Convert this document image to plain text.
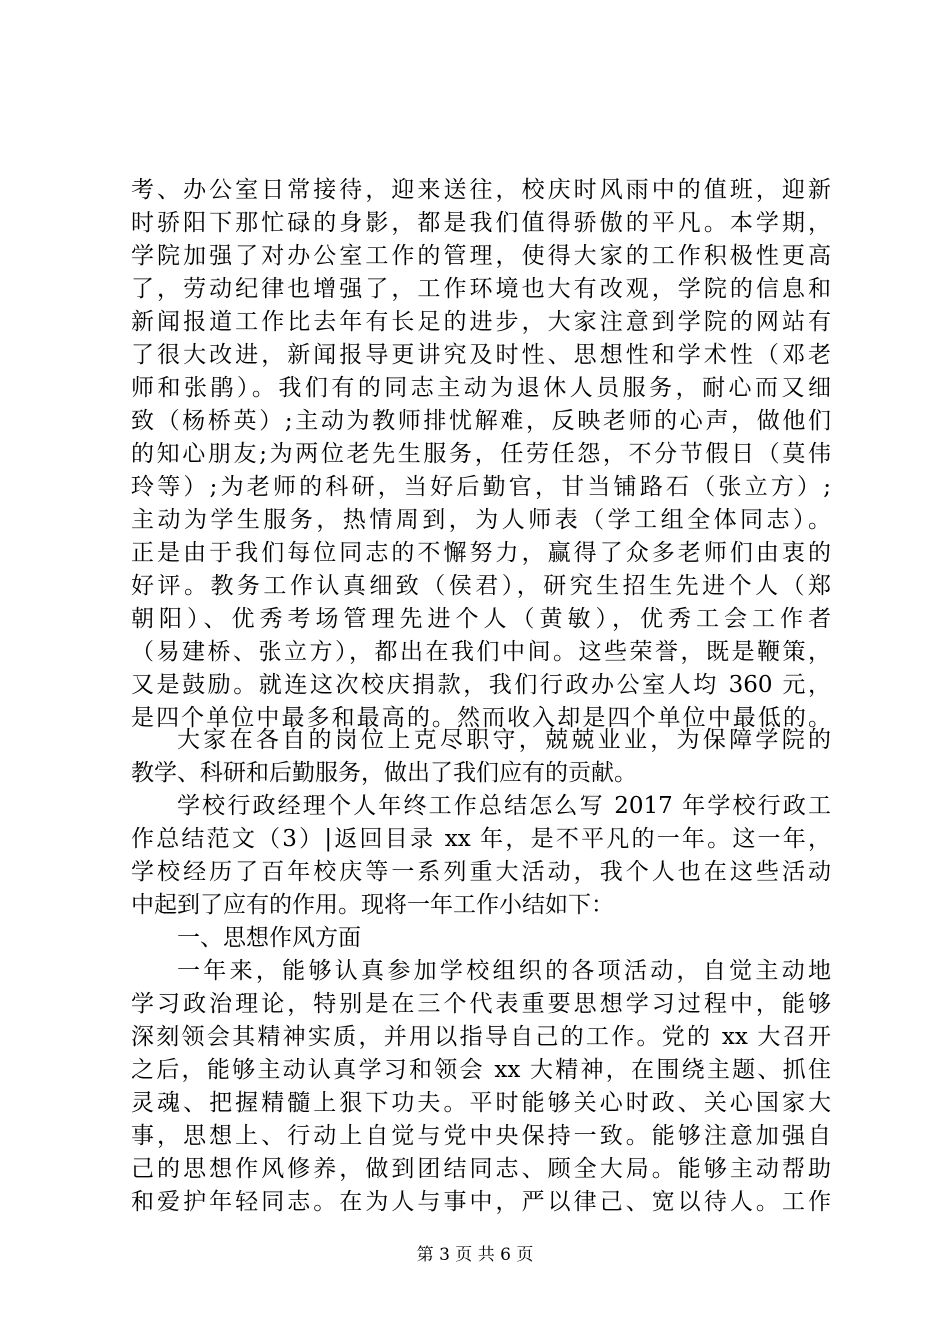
考、办公室日常接待，迎来送往，校庆时风雨中的值班，迎新
时骄阳下那忙碌的身影，都是我们值得骄傲的平凡。本学期，
学院加强了对办公室工作的管理，使得大家的工作积极性更高
了，劳动纪律也增强了，工作环境也大有改观，学院的信息和
新闻报道工作比去年有长足的进步，大家注意到学院的网站有
了很大改进，新闻报导更讲究及时性、思想性和学术性（邓老
师和张鹃）。我们有的同志主动为退休人员服务，耐心而又细
致（杨桥英）;主动为教师排忧解难，反映老师的心声，做他们
的知心朋友;为两位老先生服务，任劳任怨，不分节假日（莫伟
玲等）;为老师的科研，当好后勤官，甘当铺路石（张立方）;
主动为学生服务，热情周到，为人师表（学工组全体同志）。
正是由于我们每位同志的不懈努力，赢得了众多老师们由衷的
好评。教务工作认真细致（侯君），研究生招生先进个人（郑
朝阳）、优秀考场管理先进个人（黄敏），优秀工会工作者
（易建桥、张立方），都出在我们中间。这些荣誉，既是鞭策，
又是鼓励。就连这次校庆捐款，我们行政办公室人均 360 元，
是四个单位中最多和最高的。然而收入却是四个单位中最低的。
大家在各自的岗位上克尽职守，兢兢业业，为保障学院的
教学、科研和后勤服务，做出了我们应有的贡献。
学校行政经理个人年终工作总结怎么写 2017 年学校行政工
作总结范文（3）|返回目录 xx 年，是不平凡的一年。这一年，
学校经历了百年校庆等一系列重大活动，我个人也在这些活动
中起到了应有的作用。现将一年工作小结如下：
一、思想作风方面
一年来，能够认真参加学校组织的各项活动，自觉主动地
学习政治理论，特别是在三个代表重要思想学习过程中，能够
深刻领会其精神实质，并用以指导自己的工作。党的 xx 大召开
之后，能够主动认真学习和领会 xx 大精神，在围绕主题、抓住
灵魂、把握精髓上狠下功夫。平时能够关心时政、关心国家大
事，思想上、行动上自觉与党中央保持一致。能够注意加强自
己的思想作风修养，做到团结同志、顾全大局。能够主动帮助
和爱护年轻同志。在为人与事中，严以律己、宽以待人。工作
第 3 页 共 6 页
